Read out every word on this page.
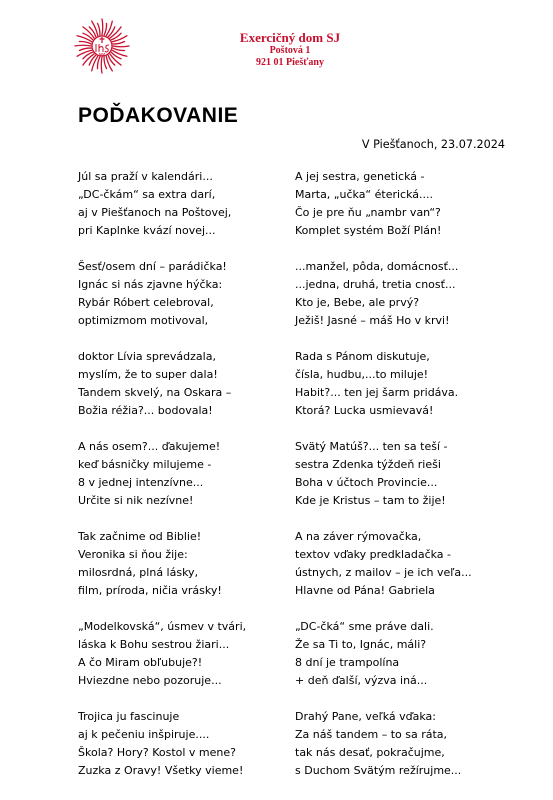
Exercičný dom SJ
Poštová 1
921 01 Piešťany
POĎAKOVANIE
V Piešťanoch, 23.07.2024
Júl sa praží v kalendári...
„DC-čkám“ sa extra darí,
aj v Piešťanoch na Poštovej,
pri Kaplnke kvází novej...
Šesť/osem dní – parádička!
Ignác si nás zjavne hýčka:
Rybár Róbert celebroval,
optimizmom motivoval,
doktor Lívia sprevádzala,
myslím, že to super dala!
Tandem skvelý, na Oskara –
Božia réžia?... bodovala!
A nás osem?... ďakujeme!
keď básničky milujeme -
8 v jednej intenzívne...
Určite si nik nezívne!
Tak začnime od Biblie!
Veronika si ňou žije:
milosrdná, plná lásky,
film, príroda, ničia vrásky!
„Modelkovská“, úsmev v tvári,
láska k Bohu sestrou žiari...
A čo Miram obľubuje?!
Hviezdne nebo pozoruje...
Trojica ju fascinuje
aj k pečeniu inšpiruje....
Škola? Hory? Kostol v mene?
Zuzka z Oravy! Všetky vieme!
A jej sestra, genetická -
Marta, „učka“ éterická....
Čo je pre ňu „nambr van“?
Komplet systém Boží Plán!
...manžel, pôda, domácnosť...
...jedna, druhá, tretia cnosť...
Kto je, Bebe, ale prvý?
Ježiš! Jasné – máš Ho v krvi!
Rada s Pánom diskutuje,
čísla, hudbu,...to miluje!
Habit?... ten jej šarm pridáva.
Ktorá? Lucka usmievavá!
Svätý Matúš?... ten sa teší -
sestra Zdenka týždeň rieši
Boha v účtoch Provincie...
Kde je Kristus – tam to žije!
A na záver rýmovačka,
textov vďaky predkladačka -
ústnych, z mailov – je ich veľa...
Hlavne od Pána! Gabriela
„DC-čká“ sme práve dali.
Že sa Ti to, Ignác, máli?
8 dní je trampolína
+ deň ďalší, výzva iná...
Drahý Pane, veľká vďaka:
Za náš tandem – to sa ráta,
tak nás desať, pokračujme,
s Duchom Svätým režírujme...
